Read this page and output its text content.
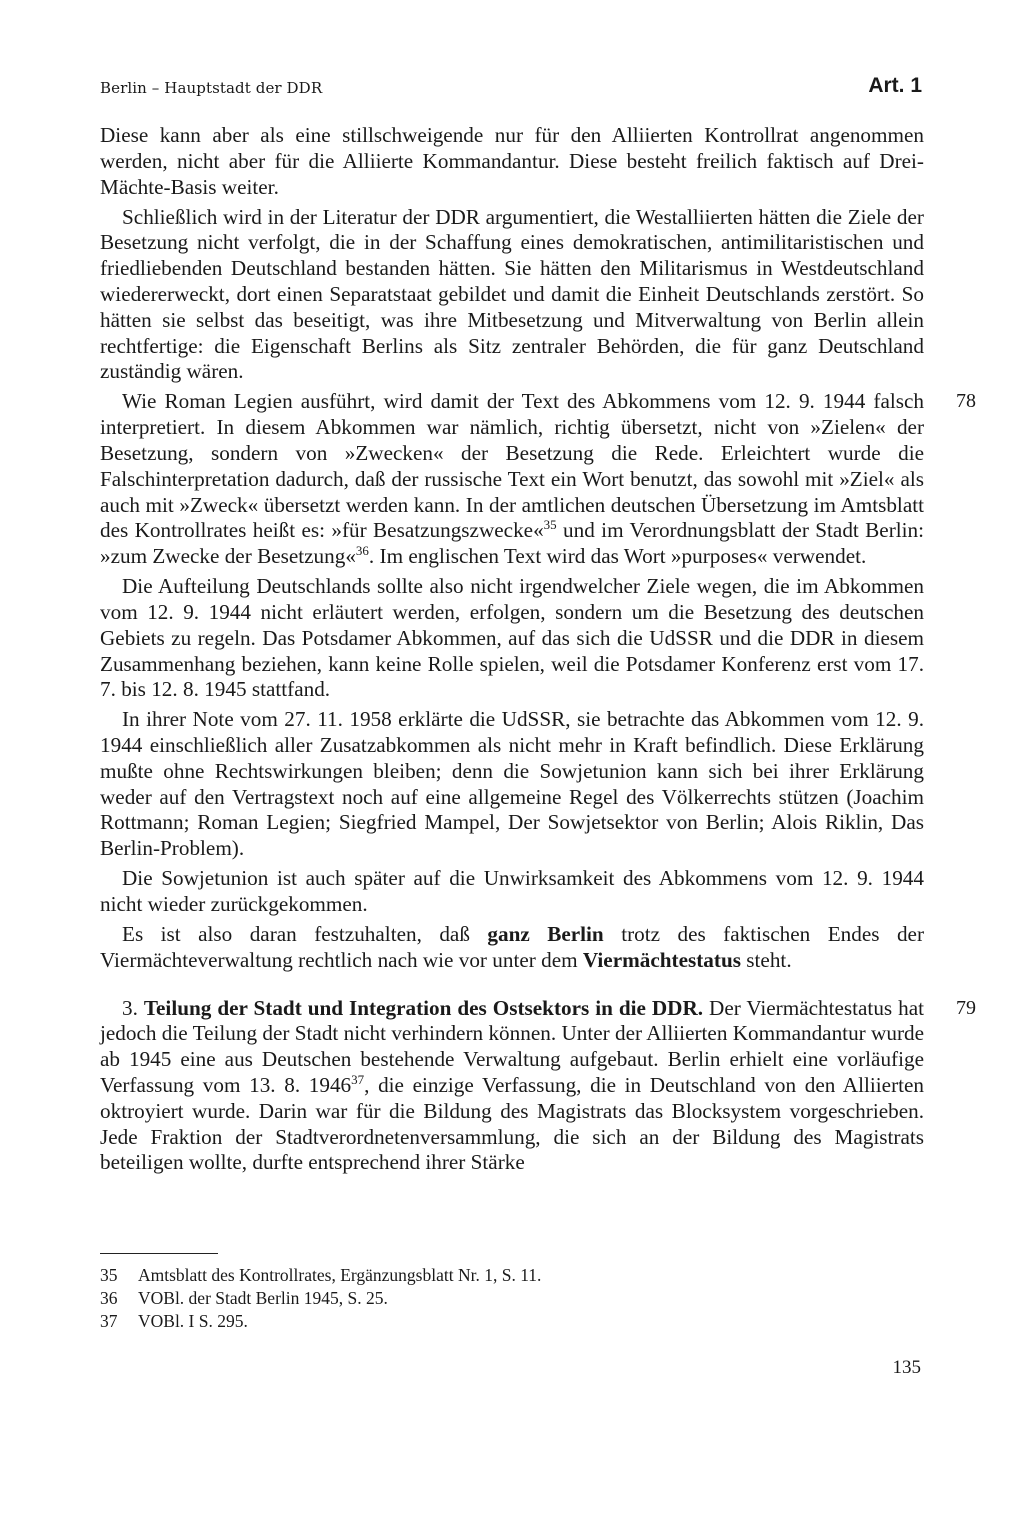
Berlin – Hauptstadt der DDR	Art. 1

Diese kann aber als eine stillschweigende nur für den Alliierten Kontrollrat angenommen werden, nicht aber für die Alliierte Kommandantur. Diese besteht freilich faktisch auf Drei-Mächte-Basis weiter.

Schließlich wird in der Literatur der DDR argumentiert, die Westalliierten hätten die Ziele der Besetzung nicht verfolgt, die in der Schaffung eines demokratischen, antimilitaristischen und friedliebenden Deutschland bestanden hätten. Sie hätten den Militarismus in Westdeutschland wiedererweckt, dort einen Separatstaat gebildet und damit die Einheit Deutschlands zerstört. So hätten sie selbst das beseitigt, was ihre Mitbesetzung und Mitverwaltung von Berlin allein rechtfertige: die Eigenschaft Berlins als Sitz zentraler Behörden, die für ganz Deutschland zuständig wären.

78
Wie Roman Legien ausführt, wird damit der Text des Abkommens vom 12. 9. 1944 falsch interpretiert. In diesem Abkommen war nämlich, richtig übersetzt, nicht von »Zielen« der Besetzung, sondern von »Zwecken« der Besetzung die Rede. Erleichtert wurde die Falschinterpretation dadurch, daß der russische Text ein Wort benutzt, das sowohl mit »Ziel« als auch mit »Zweck« übersetzt werden kann. In der amtlichen deutschen Übersetzung im Amtsblatt des Kontrollrates heißt es: »für Besatzungszwecke«$^{35}$ und im Verordnungsblatt der Stadt Berlin: »zum Zwecke der Besetzung«$^{36}$. Im englischen Text wird das Wort »purposes« verwendet.

Die Aufteilung Deutschlands sollte also nicht irgendwelcher Ziele wegen, die im Abkommen vom 12. 9. 1944 nicht erläutert werden, erfolgen, sondern um die Besetzung des deutschen Gebiets zu regeln. Das Potsdamer Abkommen, auf das sich die UdSSR und die DDR in diesem Zusammenhang beziehen, kann keine Rolle spielen, weil die Potsdamer Konferenz erst vom 17. 7. bis 12. 8. 1945 stattfand.

In ihrer Note vom 27. 11. 1958 erklärte die UdSSR, sie betrachte das Abkommen vom 12. 9. 1944 einschließlich aller Zusatzabkommen als nicht mehr in Kraft befindlich. Diese Erklärung mußte ohne Rechtswirkungen bleiben; denn die Sowjetunion kann sich bei ihrer Erklärung weder auf den Vertragstext noch auf eine allgemeine Regel des Völkerrechts stützen (Joachim Rottmann; Roman Legien; Siegfried Mampel, Der Sowjetsektor von Berlin; Alois Riklin, Das Berlin-Problem).

Die Sowjetunion ist auch später auf die Unwirksamkeit des Abkommens vom 12. 9. 1944 nicht wieder zurückgekommen.

Es ist also daran festzuhalten, daß ganz Berlin trotz des faktischen Endes der Viermächteverwaltung rechtlich nach wie vor unter dem Viermächtestatus steht.

79
3. Teilung der Stadt und Integration des Ostsektors in die DDR. Der Viermächtestatus hat jedoch die Teilung der Stadt nicht verhindern können. Unter der Alliierten Kommandantur wurde ab 1945 eine aus Deutschen bestehende Verwaltung aufgebaut. Berlin erhielt eine vorläufige Verfassung vom 13. 8. 1946$^{37}$, die einzige Verfassung, die in Deutschland von den Alliierten oktroyiert wurde. Darin war für die Bildung des Magistrats das Blocksystem vorgeschrieben. Jede Fraktion der Stadtverordnetenversammlung, die sich an der Bildung des Magistrats beteiligen wollte, durfte entsprechend ihrer Stärke

35	Amtsblatt des Kontrollrates, Ergänzungsblatt Nr. 1, S. 11.
36	VOBl. der Stadt Berlin 1945, S. 25.
37	VOBl. I S. 295.
135
